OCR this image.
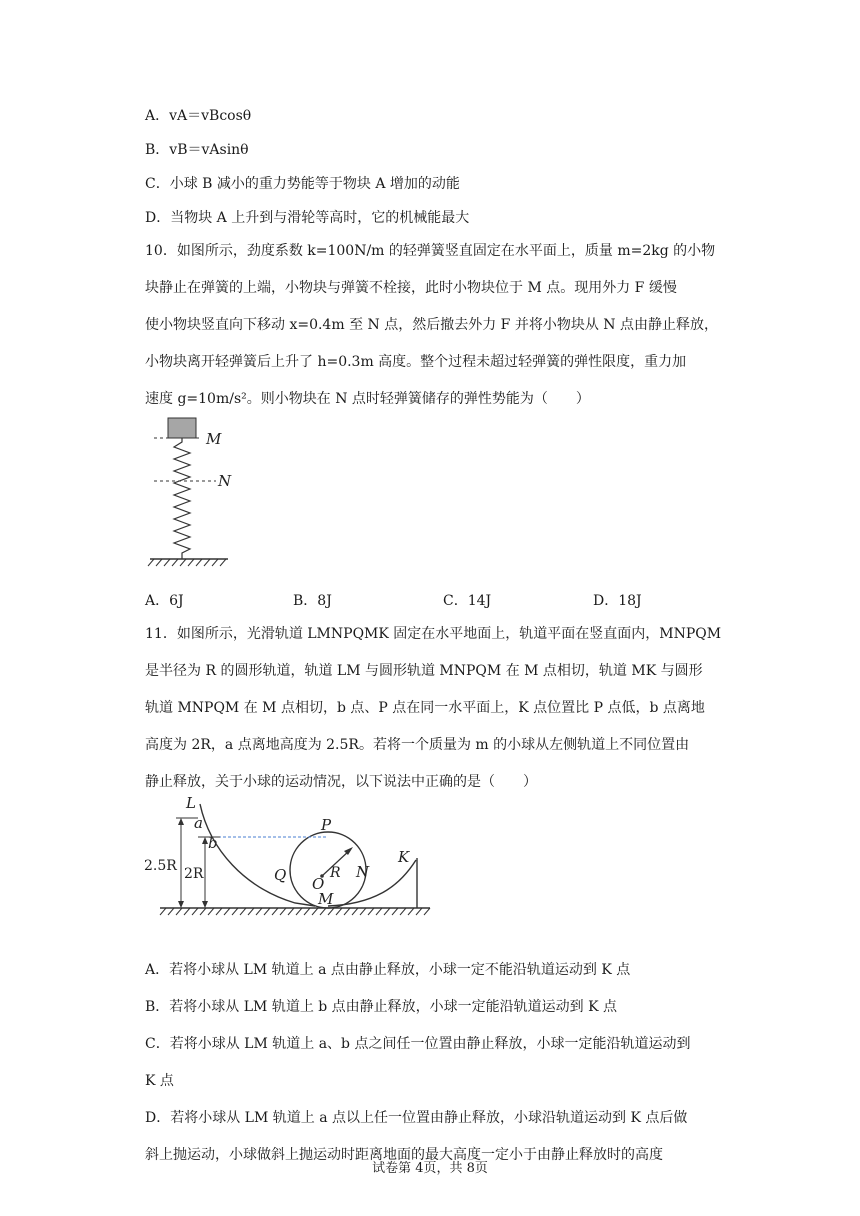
A．vA＝vBcosθ
B．vB＝vAsinθ
C．小球 B 减小的重力势能等于物块 A 增加的动能
D．当物块 A 上升到与滑轮等高时，它的机械能最大
10．如图所示，劲度系数 k=100N/m 的轻弹簧竖直固定在水平面上，质量 m=2kg 的小物
块静止在弹簧的上端，小物块与弹簧不栓接，此时小物块位于 M 点。现用外力 F 缓慢
使小物块竖直向下移动 x=0.4m 至 N 点，然后撤去外力 F 并将小物块从 N 点由静止释放，
小物块离开轻弹簧后上升了 h=0.3m 高度。整个过程未超过轻弹簧的弹性限度，重力加
速度 g=10m/s²。则小物块在 N 点时轻弹簧储存的弹性势能为（　　）
M
N
A．6J	B．8J	C．14J	D．18J
11．如图所示，光滑轨道 LMNPQMK 固定在水平地面上，轨道平面在竖直面内，MNPQM
是半径为 R 的圆形轨道，轨道 LM 与圆形轨道 MNPQM 在 M 点相切，轨道 MK 与圆形
轨道 MNPQM 在 M 点相切，b 点、P 点在同一水平面上，K 点位置比 P 点低，b 点离地
高度为 2R，a 点离地高度为 2.5R。若将一个质量为 m 的小球从左侧轨道上不同位置由
静止释放，关于小球的运动情况，以下说法中正确的是（　　）
L
a
b
K
P
Q	R
O
M
N
2.5R 2R
A．若将小球从 LM 轨道上 a 点由静止释放，小球一定不能沿轨道运动到 K 点
B．若将小球从 LM 轨道上 b 点由静止释放，小球一定能沿轨道运动到 K 点
C．若将小球从 LM 轨道上 a、b 点之间任一位置由静止释放，小球一定能沿轨道运动到
K 点
D．若将小球从 LM 轨道上 a 点以上任一位置由静止释放，小球沿轨道运动到 K 点后做
斜上抛运动，小球做斜上抛运动时距离地面的最大高度一定小于由静止释放时的高度
试卷第 4页，共 8页
